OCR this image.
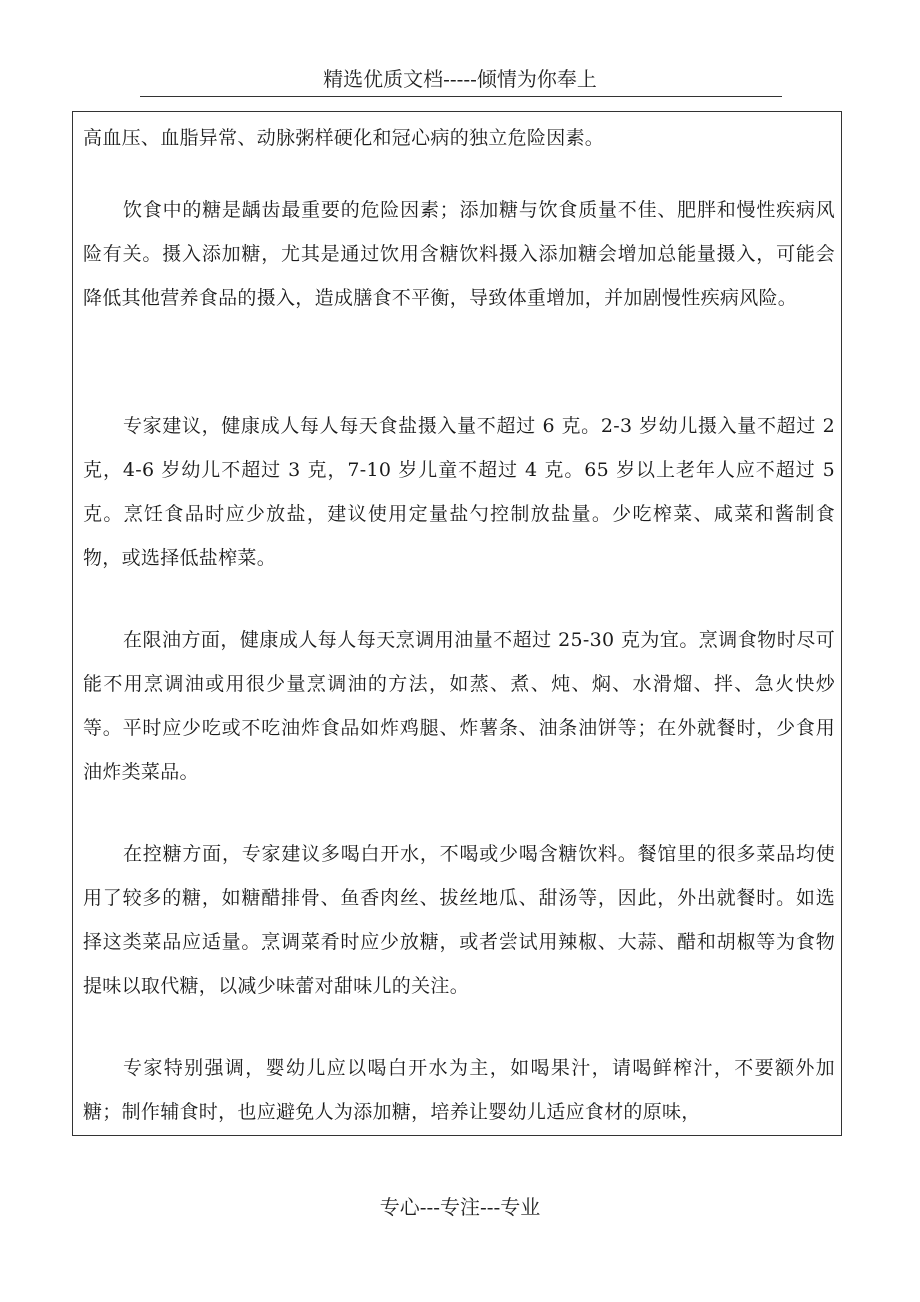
精选优质文档-----倾情为你奉上

高血压、血脂异常、动脉粥样硬化和冠心病的独立危险因素。

饮食中的糖是龋齿最重要的危险因素；添加糖与饮食质量不佳、肥胖和慢性疾病风险有关。摄入添加糖，尤其是通过饮用含糖饮料摄入添加糖会增加总能量摄入，可能会降低其他营养食品的摄入，造成膳食不平衡，导致体重增加，并加剧慢性疾病风险。

专家建议，健康成人每人每天食盐摄入量不超过 6 克。2-3 岁幼儿摄入量不超过 2 克，4-6 岁幼儿不超过 3 克，7-10 岁儿童不超过 4 克。65 岁以上老年人应不超过 5 克。烹饪食品时应少放盐，建议使用定量盐勺控制放盐量。少吃榨菜、咸菜和酱制食物，或选择低盐榨菜。

在限油方面，健康成人每人每天烹调用油量不超过 25-30 克为宜。烹调食物时尽可能不用烹调油或用很少量烹调油的方法，如蒸、煮、炖、焖、水滑熘、拌、急火快炒等。平时应少吃或不吃油炸食品如炸鸡腿、炸薯条、油条油饼等；在外就餐时，少食用油炸类菜品。

在控糖方面，专家建议多喝白开水，不喝或少喝含糖饮料。餐馆里的很多菜品均使用了较多的糖，如糖醋排骨、鱼香肉丝、拔丝地瓜、甜汤等，因此，外出就餐时。如选择这类菜品应适量。烹调菜肴时应少放糖，或者尝试用辣椒、大蒜、醋和胡椒等为食物提味以取代糖，以减少味蕾对甜味儿的关注。

专家特别强调，婴幼儿应以喝白开水为主，如喝果汁，请喝鲜榨汁，不要额外加糖；制作辅食时，也应避免人为添加糖，培养让婴幼儿适应食材的原味，

专心---专注---专业
